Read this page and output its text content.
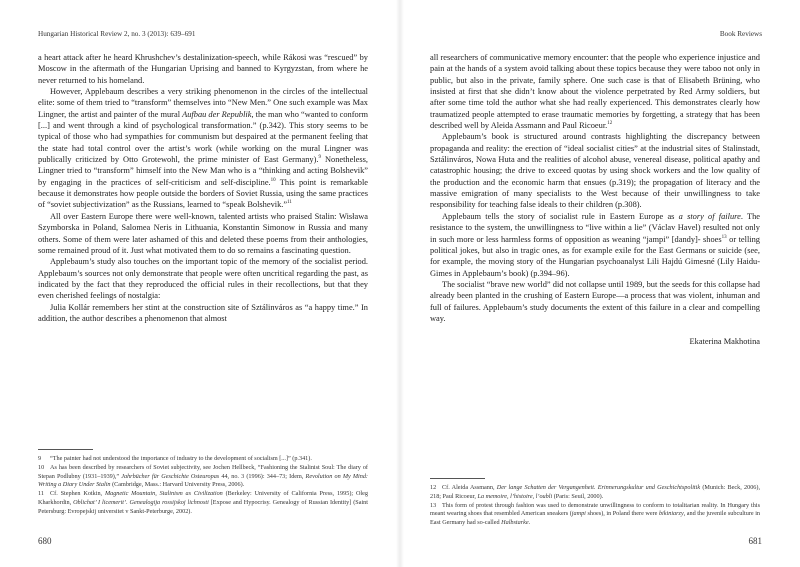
Hungarian Historical Review 2, no. 3 (2013): 639–691

a heart attack after he heard Khrushchev’s destalinization-speech, while Rákosi was “rescued” by Moscow in the aftermath of the Hungarian Uprising and banned to Kyrgyzstan, from where he never returned to his homeland.

However, Applebaum describes a very striking phenomenon in the circles of the intellectual elite: some of them tried to “transform” themselves into “New Men.” One such example was Max Lingner, the artist and painter of the mural Aufbau der Republik, the man who “wanted to conform [...] and went through a kind of psychological transformation.” (p.342). This story seems to be typical of those who had sympathies for communism but despaired at the permanent feeling that the state had total control over the artist’s work (while working on the mural Lingner was publically criticized by Otto Grotewohl, the prime minister of East Germany).$^9$ Nonetheless, Lingner tried to “transform” himself into the New Man who is a “thinking and acting Bolshevik” by engaging in the practices of self-criticism and self-discipline.$^{10}$ This point is remarkable because it demonstrates how people outside the borders of Soviet Russia, using the same practices of “soviet subjectivization” as the Russians, learned to “speak Bolshevik.”$^{11}$

All over Eastern Europe there were well-known, talented artists who praised Stalin: Wisława Szymborska in Poland, Salomea Neris in Lithuania, Konstantin Simonow in Russia and many others. Some of them were later ashamed of this and deleted these poems from their anthologies, some remained proud of it. Just what motivated them to do so remains a fascinating question.

Applebaum’s study also touches on the important topic of the memory of the socialist period. Applebaum’s sources not only demonstrate that people were often uncritical regarding the past, as indicated by the fact that they reproduced the official rules in their recollections, but that they even cherished feelings of nostalgia:

Julia Kollár remembers her stint at the construction site of Sztálinváros as “a happy time.” In addition, the author describes a phenomenon that almost

9 “The painter had not understood the importance of industry to the development of socialism [...]” (p.341).

10 As has been described by researchers of Soviet subjectivity, see Jochen Hellbeck, “Fashioning the Stalinist Soul: The diary of Stepan Podlubny (1931–1939),” Jahrbücher für Geschichte Osteuropas 44, no. 3 (1996): 344–73; Idem, Revolution on My Mind: Writing a Diary Under Stalin (Cambridge, Mass.: Harvard University Press, 2006).

11 Cf. Stephen Kotkin, Magnetic Mountain, Stalinism as Civilization (Berkeley: University of California Press, 1995); Oleg Kharkhordin, Oblichat’ I licemerit’. Genealogija rossijskoj lichnosti [Expose and Hypocrisy. Genealogy of Russian Identity] (Saint Petersburg: Evropejskij universitet v Sankt-Peterburge, 2002).

680
Book Reviews

all researchers of communicative memory encounter: that the people who experience injustice and pain at the hands of a system avoid talking about these topics because they were taboo not only in public, but also in the private, family sphere. One such case is that of Elisabeth Brüning, who insisted at first that she didn’t know about the violence perpetrated by Red Army soldiers, but after some time told the author what she had really experienced. This demonstrates clearly how traumatized people attempted to erase traumatic memories by forgetting, a strategy that has been described well by Aleida Assmann and Paul Ricoeur.$^{12}$

Applebaum’s book is structured around contrasts highlighting the discrepancy between propaganda and reality: the erection of “ideal socialist cities” at the industrial sites of Stalinstadt, Sztálinváros, Nowa Huta and the realities of alcohol abuse, venereal disease, political apathy and catastrophic housing; the drive to exceed quotas by using shock workers and the low quality of the production and the economic harm that ensues (p.319); the propagation of literacy and the massive emigration of many specialists to the West because of their unwillingness to take responsibility for teaching false ideals to their children (p.308).

Applebaum tells the story of socialist rule in Eastern Europe as a story of failure. The resistance to the system, the unwillingness to “live within a lie” (Václav Havel) resulted not only in such more or less harmless forms of opposition as weaning “jampi” [dandy]- shoes$^{13}$ or telling political jokes, but also in tragic ones, as for example exile for the East Germans or suicide (see, for example, the moving story of the Hungarian psychoanalyst Lili Hajdú Gimesné (Lily Haidu-Gimes in Applebaum’s book) (p.394–96).

The socialist “brave new world” did not collapse until 1989, but the seeds for this collapse had already been planted in the crushing of Eastern Europe—a process that was violent, inhuman and full of failures. Applebaum’s study documents the extent of this failure in a clear and compelling way.

Ekaterina Makhotina

12 Cf. Aleida Assmann, Der lange Schatten der Vergangenheit. Erinnerungskultur und Geschichtspolitik (Munich: Beck, 2006), 218; Paul Ricoeur, La memoire, l’histoire, l’oubli (Paris: Seuil, 2000).

13 This form of protest through fashion was used to demonstrate unwillingness to conform to totalitarian reality. In Hungary this meant wearing shoes that resembled American sneakers (jampi shoes), in Poland there were bikiniarzy, and the juvenile subculture in East Germany had so-called Halbstarke.

681
